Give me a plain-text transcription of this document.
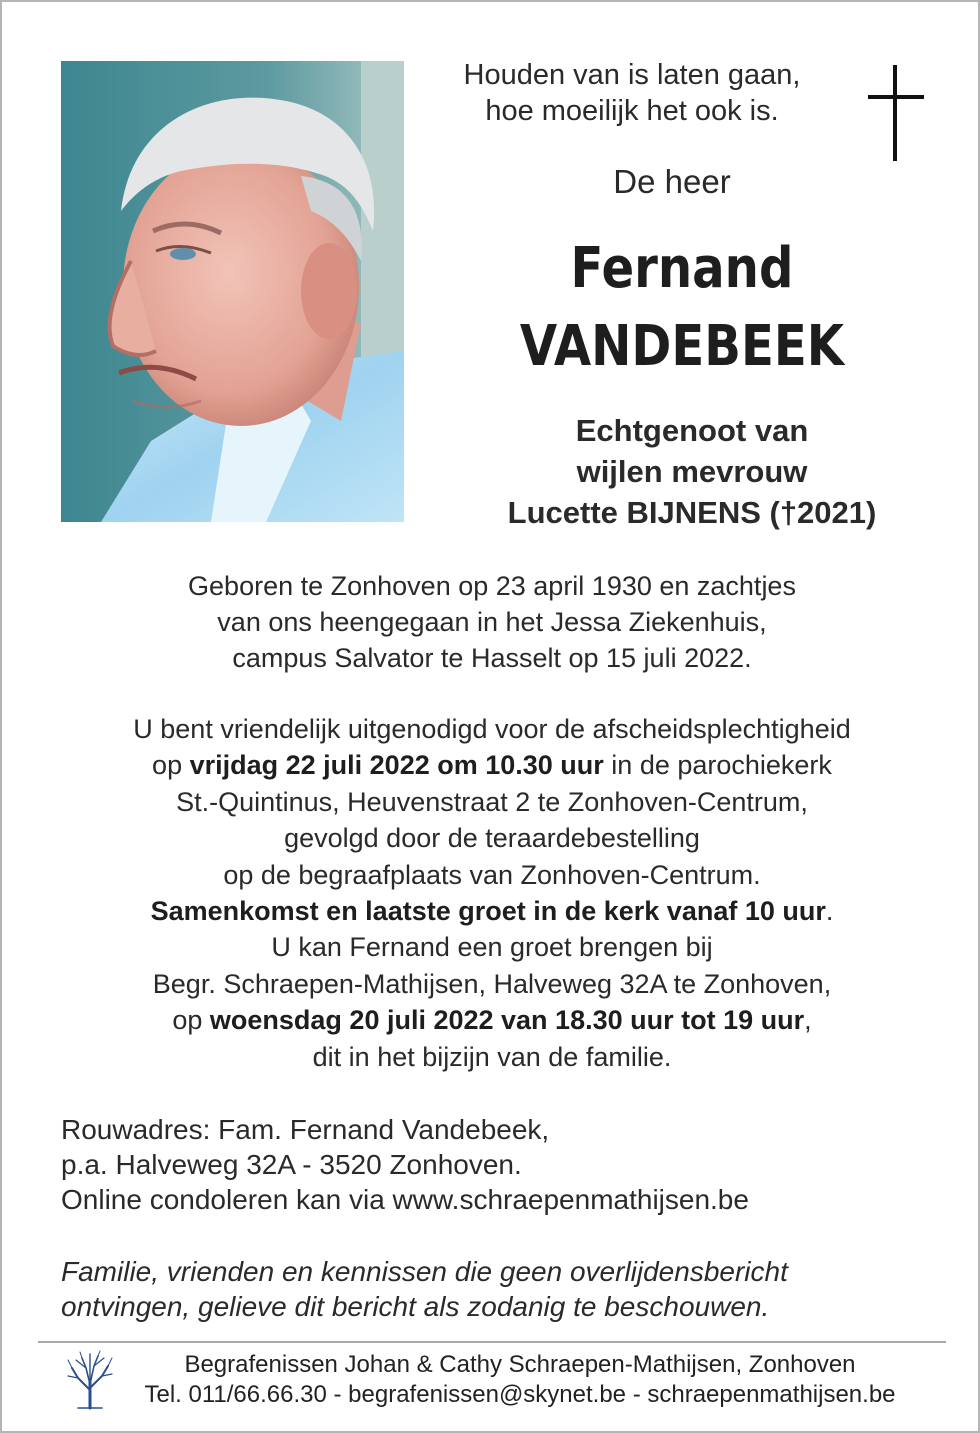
Houden van is laten gaan,
hoe moeilijk het ook is.
De heer
Fernand
VANDEBEEK
Echtgenoot van
wijlen mevrouw
Lucette BIJNENS (†2021)
Geboren te Zonhoven op 23 april 1930 en zachtjes
van ons heengegaan in het Jessa Ziekenhuis,
campus Salvator te Hasselt op 15 juli 2022.
U bent vriendelijk uitgenodigd voor de afscheidsplechtigheid
op vrijdag 22 juli 2022 om 10.30 uur in de parochiekerk
St.-Quintinus, Heuvenstraat 2 te Zonhoven-Centrum,
gevolgd door de teraardebestelling
op de begraafplaats van Zonhoven-Centrum.
Samenkomst en laatste groet in de kerk vanaf 10 uur.
U kan Fernand een groet brengen bij
Begr. Schraepen-Mathijsen, Halveweg 32A te Zonhoven,
op woensdag 20 juli 2022 van 18.30 uur tot 19 uur,
dit in het bijzijn van de familie.
Rouwadres: Fam. Fernand Vandebeek,
p.a. Halveweg 32A - 3520 Zonhoven.
Online condoleren kan via www.schraepenmathijsen.be
Familie, vrienden en kennissen die geen overlijdensbericht
ontvingen, gelieve dit bericht als zodanig te beschouwen.
Begrafenissen Johan & Cathy Schraepen-Mathijsen, Zonhoven
Tel. 011/66.66.30 - begrafenissen@skynet.be - schraepenmathijsen.be
